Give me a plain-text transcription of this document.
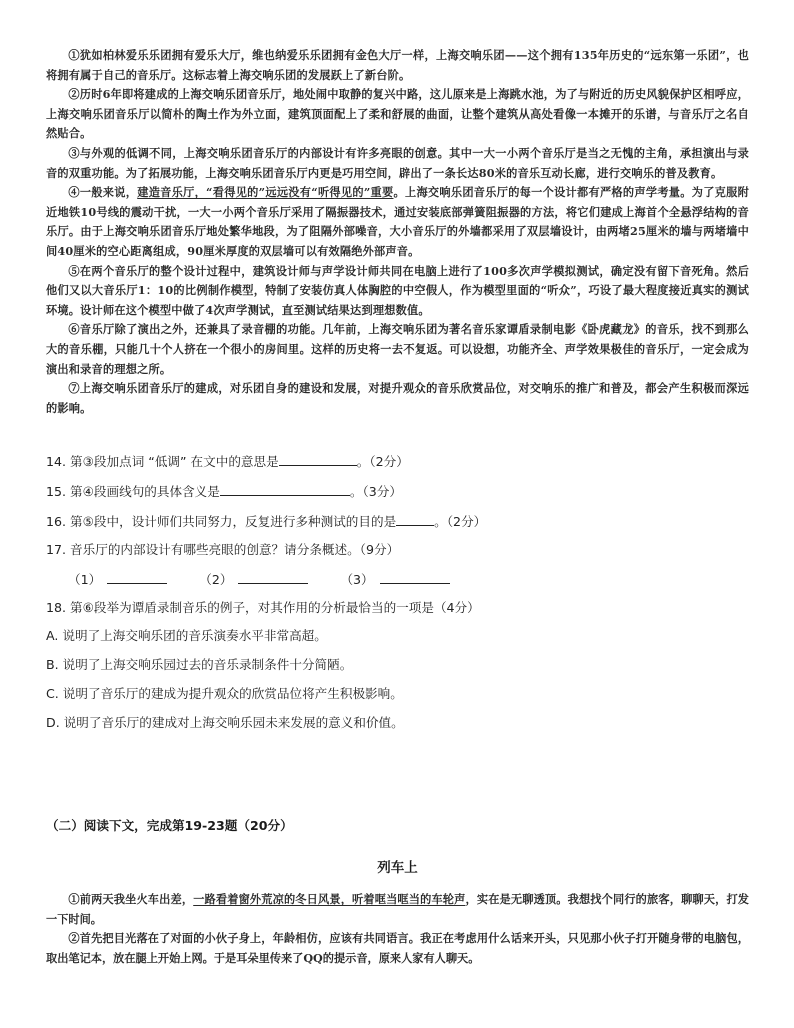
①犹如柏林爱乐乐团拥有爱乐大厅，维也纳爱乐乐团拥有金色大厅一样，上海交响乐团——这个拥有135年历史的“远东第一乐团”，也将拥有属于自己的音乐厅。这标志着上海交响乐团的发展跃上了新台阶。

②历时6年即将建成的上海交响乐团音乐厅，地处闹中取静的复兴中路，这儿原来是上海跳水池，为了与附近的历史风貌保护区相呼应，上海交响乐团音乐厅以简朴的陶土作为外立面，建筑顶面配上了柔和舒展的曲面，让整个建筑从高处看像一本摊开的乐谱，与音乐厅之名自然贴合。

③与外观的低调不同，上海交响乐团音乐厅的内部设计有许多亮眼的创意。其中一大一小两个音乐厅是当之无愧的主角，承担演出与录音的双重功能。为了拓展功能，上海交响乐团音乐厅内更是巧用空间，辟出了一条长达80米的音乐互动长廊，进行交响乐的普及教育。

④一般来说，建造音乐厅，“看得见的”远远没有“听得见的”重要。上海交响乐团音乐厅的每一个设计都有严格的声学考量。为了克服附近地铁10号线的震动干扰，一大一小两个音乐厅采用了隔振器技术，通过安装底部弹簧阻振器的方法，将它们建成上海首个全悬浮结构的音乐厅。由于上海交响乐团音乐厅地处繁华地段，为了阻隔外部噪音，大小音乐厅的外墙都采用了双层墙设计，由两堵25厘米的墙与两堵墙中间40厘米的空心距离组成，90厘米厚度的双层墙可以有效隔绝外部声音。

⑤在两个音乐厅的整个设计过程中，建筑设计师与声学设计师共同在电脑上进行了100多次声学模拟测试，确定没有留下音死角。然后他们又以大音乐厅1：10的比例制作模型，特制了安装仿真人体胸腔的中空假人，作为模型里面的“听众”，巧设了最大程度接近真实的测试环境。设计师在这个模型中做了4次声学测试，直至测试结果达到理想数值。

⑥音乐厅除了演出之外，还兼具了录音棚的功能。几年前，上海交响乐团为著名音乐家谭盾录制电影《卧虎藏龙》的音乐，找不到那么大的音乐棚，只能几十个人挤在一个很小的房间里。这样的历史将一去不复返。可以设想，功能齐全、声学效果极佳的音乐厅，一定会成为演出和录音的理想之所。

⑦上海交响乐团音乐厅的建成，对乐团自身的建设和发展，对提升观众的音乐欣赏品位，对交响乐的推广和普及，都会产生积极而深远的影响。

14. 第③段加点词 “低调” 在文中的意思是	。（2分）

15. 第④段画线句的具体含义是	。（3分）

16. 第⑤段中，设计师们共同努力，反复进行多种测试的目的是	。（2分）

17. 音乐厅的内部设计有哪些亮眼的创意？请分条概述。（9分）

（1）	（2）	（3）

18. 第⑥段举为谭盾录制音乐的例子，对其作用的分析最恰当的一项是（4分）

A. 说明了上海交响乐团的音乐演奏水平非常高超。

B. 说明了上海交响乐园过去的音乐录制条件十分简陋。

C. 说明了音乐厅的建成为提升观众的欣赏品位将产生积极影响。

D. 说明了音乐厅的建成对上海交响乐园未来发展的意义和价值。

（二）阅读下文，完成第19-23题（20分）

列车上

①前两天我坐火车出差，一路看着窗外荒凉的冬日风景，听着哐当哐当的车轮声，实在是无聊透顶。我想找个同行的旅客，聊聊天，打发一下时间。

②首先把目光落在了对面的小伙子身上，年龄相仿，应该有共同语言。我正在考虑用什么话来开头，只见那小伙子打开随身带的电脑包，取出笔记本，放在腿上开始上网。于是耳朵里传来了QQ的提示音，原来人家有人聊天。
